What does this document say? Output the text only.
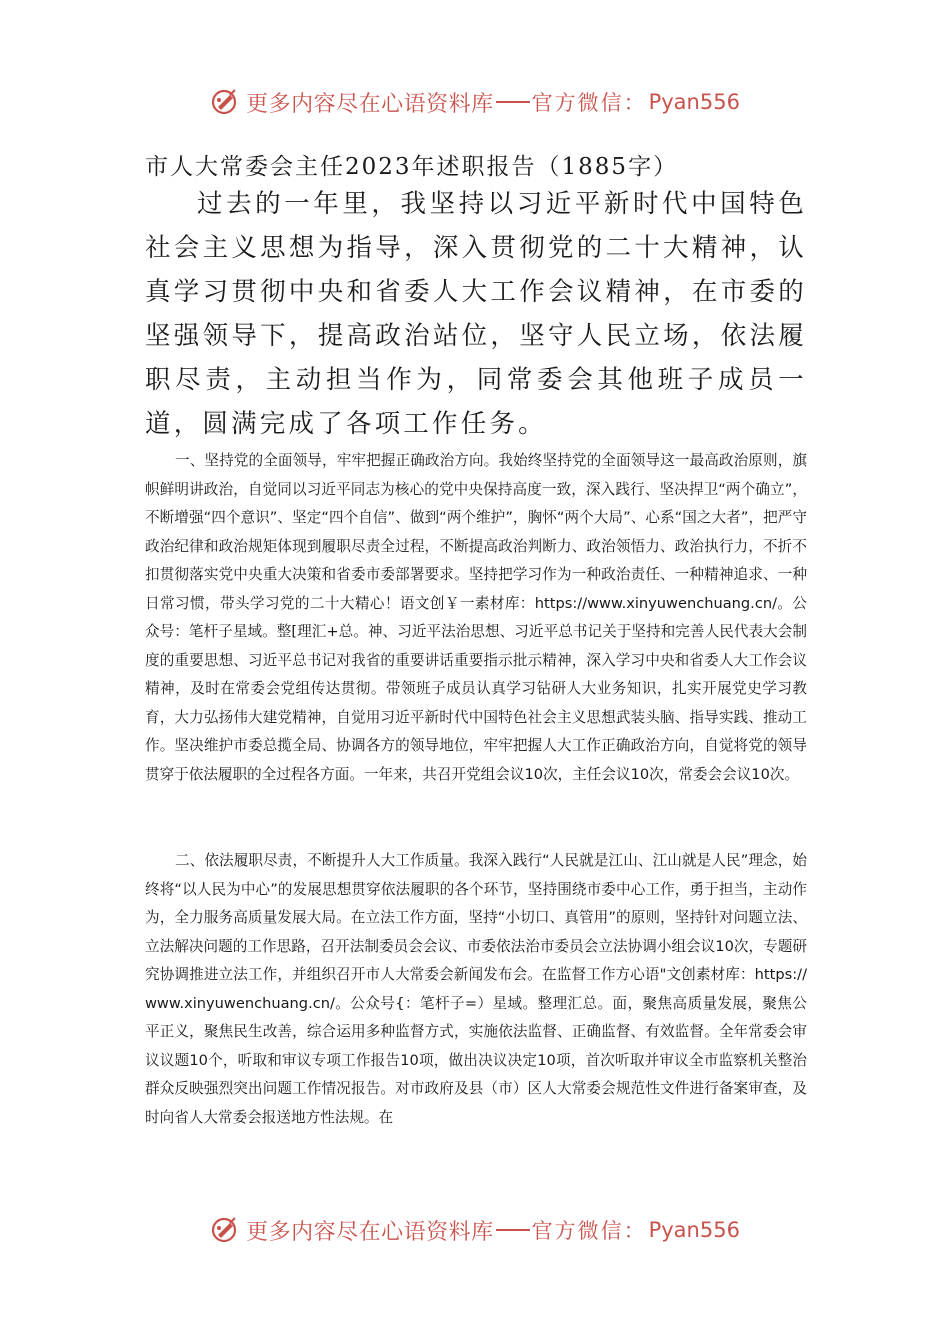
更多内容尽在心语资料库 官方微信： Pyan556
市人大常委会主任2023年述职报告（1885字）

过去的一年里，我坚持以习近平新时代中国特色社会主义思想为指导，深入贯彻党的二十大精神，认真学习贯彻中央和省委人大工作会议精神，在市委的坚强领导下，提高政治站位，坚守人民立场，依法履职尽责，主动担当作为，同常委会其他班子成员一道，圆满完成了各项工作任务。

一、坚持党的全面领导，牢牢把握正确政治方向。我始终坚持党的全面领导这一最高政治原则，旗帜鲜明讲政治，自觉同以习近平同志为核心的党中央保持高度一致，深入践行、坚决捍卫“两个确立”，不断增强“四个意识”、坚定“四个自信”、做到“两个维护”，胸怀“两个大局”、心系“国之大者”，把严守政治纪律和政治规矩体现到履职尽责全过程，不断提高政治判断力、政治领悟力、政治执行力，不折不扣贯彻落实党中央重大决策和省委市委部署要求。坚持把学习作为一种政治责任、一种精神追求、一种日常习惯，带头学习党的二十大精心！语文创￥一素材库：https://www.xinyuwenchuang.cn/。公众号：笔杆子星域。整[理汇+总。神、习近平法治思想、习近平总书记关于坚持和完善人民代表大会制度的重要思想、习近平总书记对我省的重要讲话重要指示批示精神，深入学习中央和省委人大工作会议精神，及时在常委会党组传达贯彻。带领班子成员认真学习钻研人大业务知识，扎实开展党史学习教育，大力弘扬伟大建党精神，自觉用习近平新时代中国特色社会主义思想武装头脑、指导实践、推动工作。坚决维护市委总揽全局、协调各方的领导地位，牢牢把握人大工作正确政治方向，自觉将党的领导贯穿于依法履职的全过程各方面。一年来，共召开党组会议10次，主任会议10次，常委会会议10次。

二、依法履职尽责，不断提升人大工作质量。我深入践行“人民就是江山、江山就是人民”理念，始终将“以人民为中心”的发展思想贯穿依法履职的各个环节，坚持围绕市委中心工作，勇于担当，主动作为，全力服务高质量发展大局。在立法工作方面，坚持“小切口、真管用”的原则，坚持针对问题立法、立法解决问题的工作思路，召开法制委员会会议、市委依法治市委员会立法协调小组会议10次，专题研究协调推进立法工作，并组织召开市人大常委会新闻发布会。在监督工作方心语"文创素材库：https://www.xinyuwenchuang.cn/。公众号{：笔杆子=）星域。整理汇总。面，聚焦高质量发展，聚焦公平正义，聚焦民生改善，综合运用多种监督方式，实施依法监督、正确监督、有效监督。全年常委会审议议题10个，听取和审议专项工作报告10项，做出决议决定10项，首次听取并审议全市监察机关整治群众反映强烈突出问题工作情况报告。对市政府及县（市）区人大常委会规范性文件进行备案审查，及时向省人大常委会报送地方性法规。在

更多内容尽在心语资料库 官方微信： Pyan556
